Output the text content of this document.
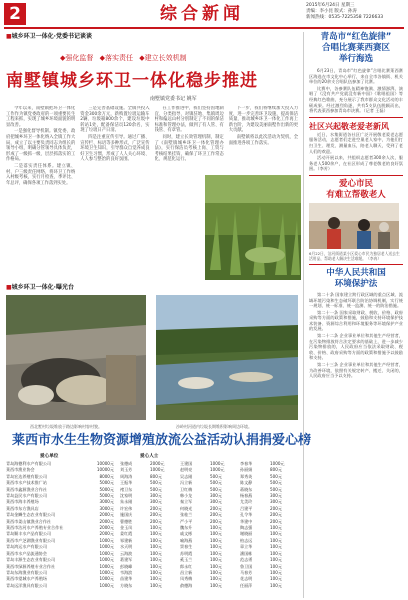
2	综合新闻	2015年6月24日 星期三
责编：李小昆 版式：孙涛
新闻热线：0535-7225358 7226633
■城乡环卫一体化·党委书记谈谈
◆强化监督 ◆落实责任 ◆建立长效机制
南墅镇城乡环卫一体化稳步推进
南墅镇党委书记 姚军

今年以来，南墅镇把环卫一体化工作作为镇党委政府的一项重要民生工程来抓，实现了城乡环境面貌的明显改善。

一是强化督导机制。镇党委、政府把城乡环卫一体化纳入全镇工作大局，成立了以主要负责同志为组长的领导小组，明确分管领导具体负责，形成了一级抓一级、层层抓落实的工作格局。

二是落实责任体系。建立镇、村、户三级责任网络，将环卫工作纳入村级考核，实行月检查、季评比、年总评，确保各项工作落到实处。

三是完善基础设施。全镇共投入资金300余万元，新购置垃圾运输车2辆、垃圾箱800余个，建设垃圾中转站1处，配备保洁员120余名，实现了垃圾日产日清。

四是注重宣传引导。通过广播、宣传栏、标语等多种形式，广泛宣传环境卫生知识，引导群众自觉养成良好卫生习惯，形成了人人关心环境、人人参与整治的良好氛围。

在工作推进中，我们坚持因地制宜、分类指导，对镇驻地、集镇周边村和偏远山村分别制定了不同的保洁标准和管理办法，做到了有人管、有钱管、有章管。

同时，建立长效管理机制，制定了《南墅镇城乡环卫一体化管理办法》，实行保洁员考核上岗、工资与考核结果挂钩，确保了环卫工作常态化、规范化运行。

下一步，我们将继续加大投入力度，进一步完善环卫设施，提高保洁质量，推动城乡环卫一体化工作再上新台阶，为建设美丽南墅作出新的更大贡献。

南墅镇将以此次活动为契机，全面推进各项工作落实。

■城乡环卫一体化·曝光台
西北墅村垃圾堆放于路边影响村容村貌。	沙岭村河道内垃圾长期堆积影响周边环境。
莱西市水生生物资源增殖放流公益活动认捐捐爱心榜
爱心单位	爱心人士
青岛海德利水产有限公司	10000元
莱西市渔业协会	10000元
青岛宏达养殖有限公司	8000元
莱西市水产技术推广站	5000元
莱西市鑫源渔业合作社	5000元
青岛益民水产有限公司	5000元
莱西市海丰养殖场	3000元
莱西市东方渔具店	3000元
青岛金鳞生态农业有限公司	2000元
莱西市姜山镇渔业合作社	2000元
莱西市沽河水产养殖专业合作社	2000元
青岛顺丰水产品有限公司	2000元
莱西市产芝湖渔业有限公司	1000元
青岛鸿运水产有限公司	1000元
莱西市水产品流通协会	1000元
青岛丰源生态农业有限公司	1000元
莱西市绿源养殖专业合作社	1000元
青岛东海渔业有限公司	1000元
莱西市望城水产养殖场	1000元
青岛远洋渔具有限公司	1000元
张德成	2000元	王建国	1000元	李春华	1000元
刘玉芳	1000元	赵明亮	1000元	孙丽娟	800元
周海涛	800元	吴志刚	500元	郑秀英	500元
王振华	500元	冯立新	500元	陈文静	500元
褚卫东	500元	卫红梅	500元	蒋晓东	500元
沈家明	300元	韩小龙	300元	杨春燕	300元
朱永刚	300元	秦立军	300元	尤美玲	300元
许宏伟	200元	何晓光	200元	吕建平	200元
施国庆	200元	张桂兰	200元	孔令华	200元
曹德胜	200元	严小平	200元	华建中	200元
金玉凤	100元	魏东升	100元	陶志强	100元
姜红霞	100元	戚文彬	100元	谢晓丽	100元
邹建新	100元	喻海燕	100元	柏志远	100元
水天明	100元	窦春生	100元	章立华	100元
云海波	100元	苏明霞	100元	潘国栋	100元
葛建军	100元	奚玉兰	100元	范志勇	100元
彭晓峰	100元	郎永红	100元	鲁卫国	100元
韦海滨	100元	昌立新	100元	马春芳	100元
苗建华	100元	凤秀梅	100元	花志明	100元
方晓东	100元	俞德海	100元	任丽萍	100元
青岛市“红色旋律”
合唱比赛莱西赛区
举行海选

6月23日，青岛市“红色旋律”合唱比赛莱西赛区海选在市文化中心举行，来自全市各镇街、机关单位的20余支合唱队伍参加了比赛。

比赛中，各参赛队伍精神饱满、激情澎湃，演唱了《没有共产党就没有新中国》《歌唱祖国》等经典红色歌曲，充分展示了我市群众文化活动的丰硕成果。经过激烈角逐，共有5支队伍脱颖而出，将代表莱西参加青岛市决赛。（记者 王磊）

社区兴起敬老爱老新风

近日，水集街道各社区广泛开展敬老爱老志愿服务活动，志愿者们走进空巢老人家中，为他们打扫卫生、理发、测量血压，陪老人聊天，受到了老人们的欢迎。

活动开展以来，共组织志愿者300余人次，服务老人500余户，在社区形成了尊老敬老的良好氛围。（李芳）

爱心市民
有难立帮敬老人
6月22日，沽河街道某小区爱心市民为独居老人送去生活用品，帮助老人解决生活难题。（李冉）
中华人民共和国
环境保护法

第二十条 国家建立跨行政区域的重点区域、流域环境污染和生态破坏联合防治协调机制，实行统一规划、统一标准、统一监测、统一的防治措施。

第二十一条 国家采取财政、税收、价格、政府采购等方面的政策和措施，鼓励和支持环境保护技术装备、资源综合利用和环境服务等环境保护产业的发展。

第二十二条 企业事业单位和其他生产经营者，在污染物排放符合法定要求的基础上，进一步减少污染物排放的，人民政府应当依法采取财政、税收、价格、政府采购等方面的政策和措施予以鼓励和支持。

第二十三条 企业事业单位和其他生产经营者，为改善环境，依照有关规定转产、搬迁、关闭的，人民政府应当予以支持。
